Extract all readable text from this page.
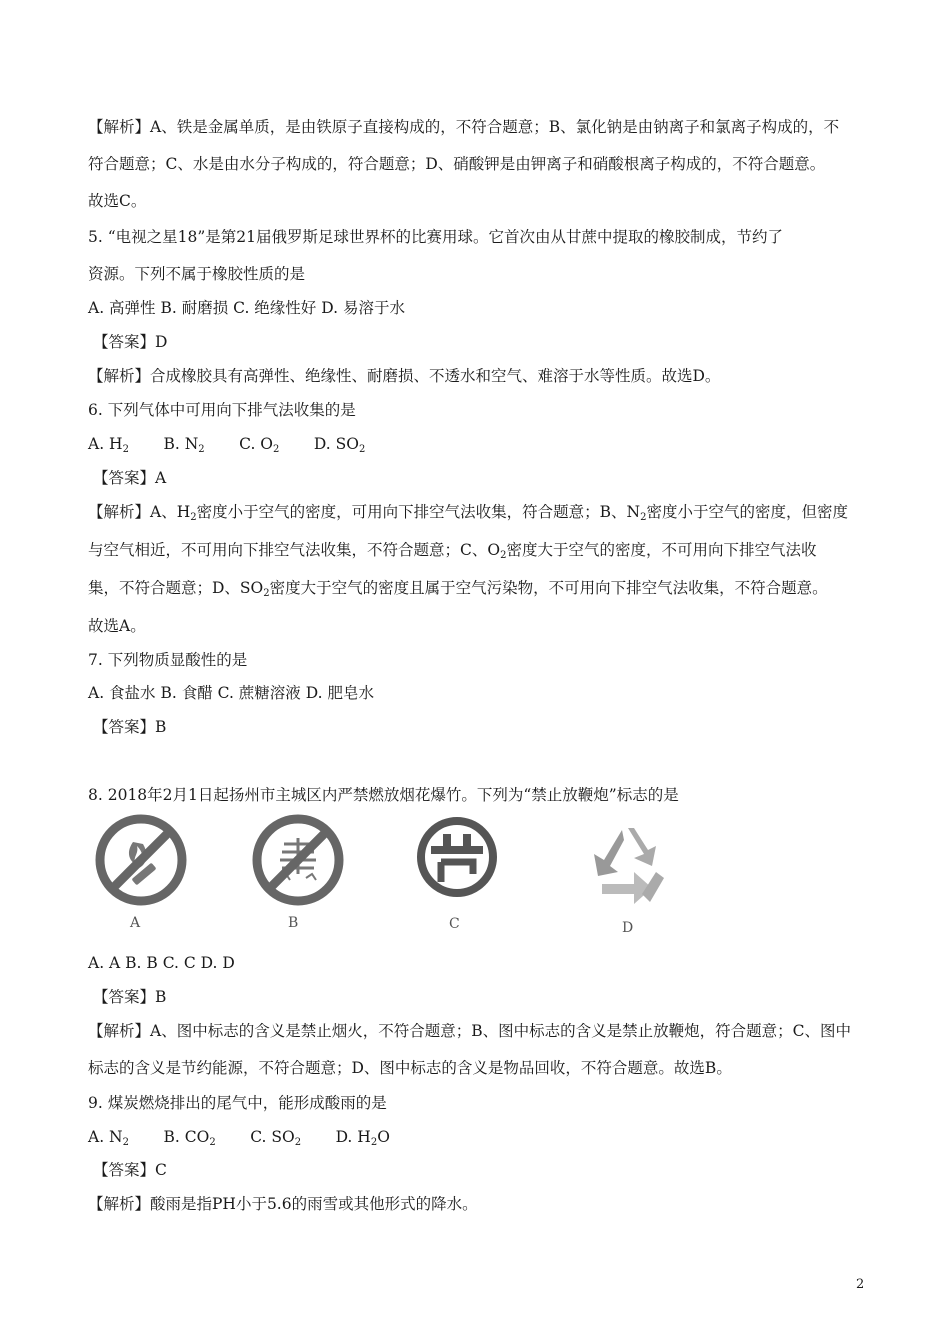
【解析】A、铁是金属单质，是由铁原子直接构成的，不符合题意；B、氯化钠是由钠离子和氯离子构成的，不
符合题意；C、水是由水分子构成的，符合题意；D、硝酸钾是由钾离子和硝酸根离子构成的，不符合题意。
故选C。
5. “电视之星18”是第21届俄罗斯足球世界杯的比赛用球。它首次由从甘蔗中提取的橡胶制成，节约了
资源。下列不属于橡胶性质的是
A. 高弹性 B. 耐磨损 C. 绝缘性好 D. 易溶于水
【答案】D
【解析】合成橡胶具有高弹性、绝缘性、耐磨损、不透水和空气、难溶于水等性质。故选D。
6. 下列气体中可用向下排气法收集的是
A. $H_2$ B. $N_2$ C. $O_2$ D. $SO_2$
【答案】A
【解析】A、$H_2$密度小于空气的密度，可用向下排空气法收集，符合题意；B、$N_2$密度小于空气的密度，但密度
与空气相近，不可用向下排空气法收集，不符合题意；C、$O_2$密度大于空气的密度，不可用向下排空气法收
集，不符合题意；D、$SO_2$密度大于空气的密度且属于空气污染物，不可用向下排空气法收集，不符合题意。
故选A。
7. 下列物质显酸性的是
A. 食盐水 B. 食醋 C. 蔗糖溶液 D. 肥皂水
【答案】B
8. 2018年2月1日起扬州市主城区内严禁燃放烟花爆竹。下列为“禁止放鞭炮”标志的是
A	B	C	D
A. A B. B C. C D. D
【答案】B
【解析】A、图中标志的含义是禁止烟火，不符合题意；B、图中标志的含义是禁止放鞭炮，符合题意；C、图中
标志的含义是节约能源，不符合题意；D、图中标志的含义是物品回收，不符合题意。故选B。
9. 煤炭燃烧排出的尾气中，能形成酸雨的是
A. $N_2$ B. $CO_2$ C. $SO_2$ D. $H_2O$
【答案】C
【解析】酸雨是指PH小于5.6的雨雪或其他形式的降水。
2
